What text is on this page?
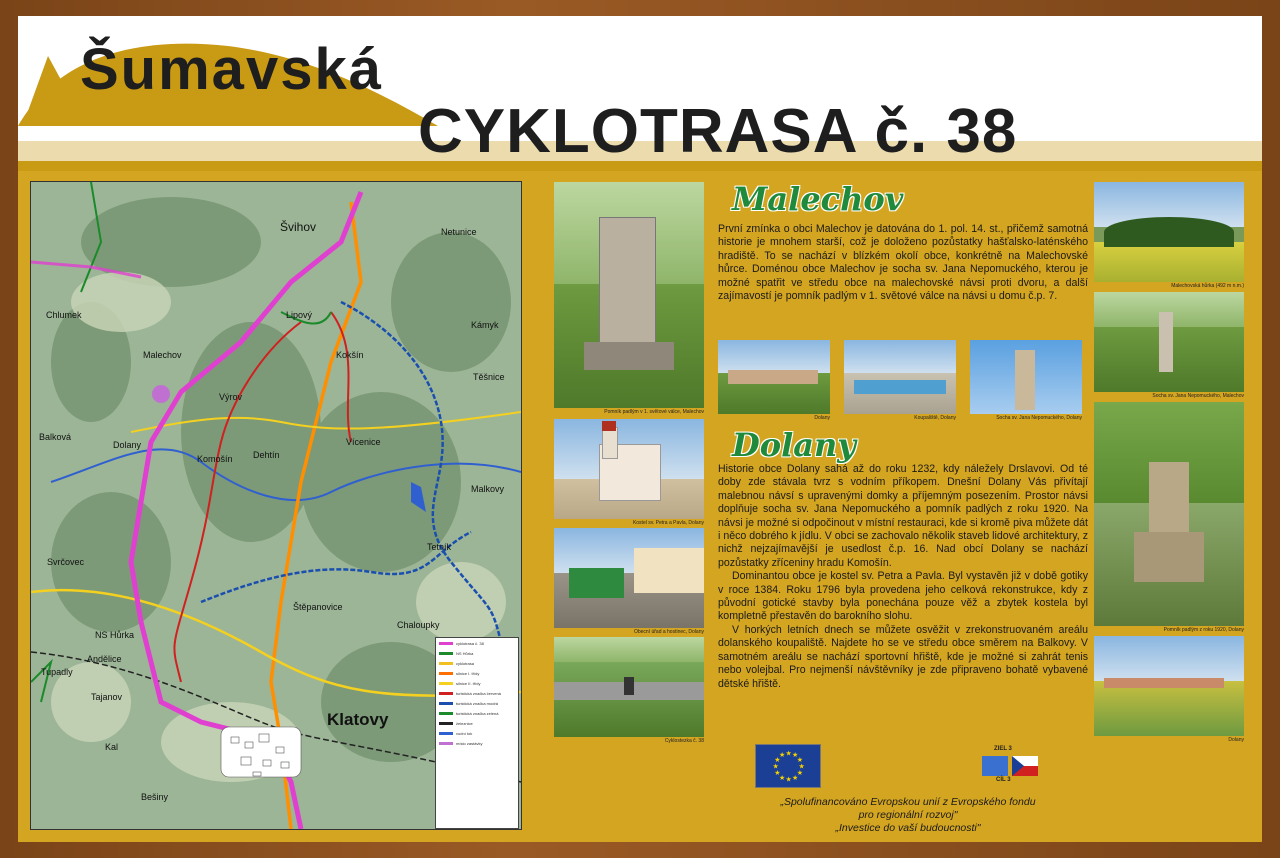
Šumavská
CYKLOTRASA č. 38
Švihov
Chlumek
Malechov
Dolany
Komošín
Výrov
Balková
Svrčovec
Andělice
Tupadly
Tajanov
Kal
Bešiny
Klatovy
Kokšín
Těšnice
Kámyk
Vícenice
Tetník
Chaloupky
Štěpanovice
Dehtín
Malkovy
NS Hůrka
Lipový
Netunice
cyklotrasa č. 38
NS Hůrka
cyklotrasa
silnice I. třídy
silnice II. třídy
turistická značka červená
turistická značka modrá
turistická značka zelená
železnice
vodní tok
místo zastávky
Pomník padlým v 1. světové válce, Malechov
Kostel sv. Petra a Pavla, Dolany
Obecní úřad a hostinec, Dolany
Cyklostezka č. 38
Malechov

První zmínka o obci Malechov je datována do 1. pol. 14. st., přičemž samotná historie je mnohem starší, což je doloženo pozůstatky hašťalsko-laténského hradiště. To se nachází v blízkém okolí obce, konkrétně na Malechovské hůrce. Doménou obce Malechov je socha sv. Jana Nepomuckého, kterou je možné spatřit ve středu obce na malechovské návsi proti dvoru, a další zajímavostí je pomník padlým v 1. světové válce na návsi u domu č.p. 7.

Dolany	Koupaliště, Dolany	Socha sv. Jana Nepomuckého, Dolany
Dolany

Historie obce Dolany sahá až do roku 1232, kdy náležely Drslavovi. Od té doby zde stávala tvrz s vodním příkopem. Dnešní Dolany Vás přivítají malebnou návsí s upravenými domky a příjemným posezením. Prostor návsi doplňuje socha sv. Jana Nepomuckého a pomník padlých z roku 1920. Na návsi je možné si odpočinout v místní restauraci, kde si kromě piva můžete dát i něco dobrého k jídlu. V obci se zachovalo několik staveb lidové architektury, z nichž nejzajímavější je usedlost č.p. 16. Nad obcí Dolany se nachází pozůstatky zříceniny hradu Komošín.

Dominantou obce je kostel sv. Petra a Pavla. Byl vystavěn již v době gotiky v roce 1384. Roku 1796 byla provedena jeho celková rekonstrukce, kdy z původní gotické stavby byla ponechána pouze věž a zbytek kostela byl kompletně přestavěn do barokního slohu.

V horkých letních dnech se můžete osvěžit v zrekonstruovaném areálu dolanského koupaliště. Najdete ho se ve středu obce směrem na Balkovy. V samotném areálu se nachází sportovní hřiště, kde je možné si zahrát tenis nebo volejbal. Pro nejmenší návštěvníky je zde připraveno bohatě vybavené dětské hřiště.

Malechovská hůrka (492 m n.m.)
Socha sv. Jana Nepomuckého, Malechov
Pomník padlým z roku 1920, Dolany
Dolany
★
★
★
★
★
★
★
★
★ ★ ★
★
ZIEL 3
CÍL 3
„Spolufinancováno Evropskou unií z Evropského fondu
pro regionální rozvoj"
„Investice do vaší budoucnosti"
